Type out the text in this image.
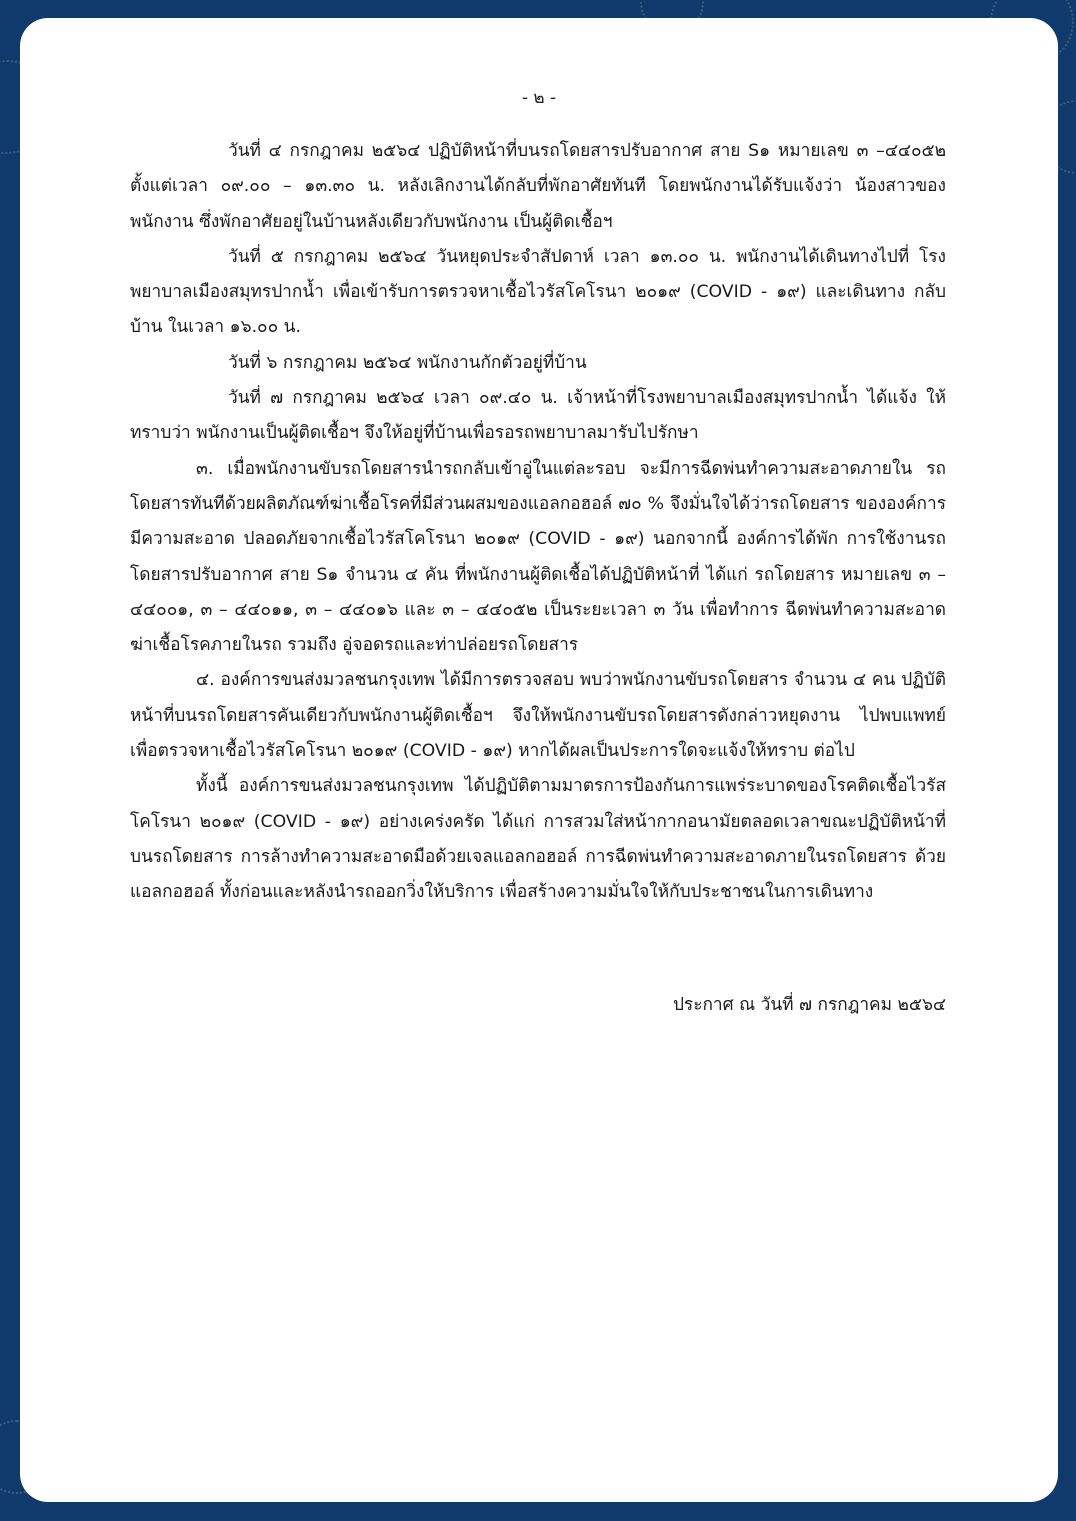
- ๒ -

วันที่ ๔ กรกฎาคม ๒๕๖๔ ปฏิบัติหน้าที่บนรถโดยสารปรับอากาศ สาย S๑ หมายเลข ๓ –๔๔๐๕๒ ตั้งแต่เวลา ๐๙.๐๐ – ๑๓.๓๐ น. หลังเลิกงานได้กลับที่พักอาศัยทันที โดยพนักงานได้รับแจ้งว่า น้องสาวของพนักงาน ซึ่งพักอาศัยอยู่ในบ้านหลังเดียวกับพนักงาน เป็นผู้ติดเชื้อฯ

วันที่ ๕ กรกฎาคม ๒๕๖๔ วันหยุดประจำสัปดาห์ เวลา ๑๓.๐๐ น. พนักงานได้เดินทางไปที่ โรงพยาบาลเมืองสมุทรปากน้ำ เพื่อเข้ารับการตรวจหาเชื้อไวรัสโคโรนา ๒๐๑๙ (COVID - ๑๙) และเดินทาง กลับบ้าน ในเวลา ๑๖.๐๐ น.

วันที่ ๖ กรกฎาคม ๒๕๖๔ พนักงานกักตัวอยู่ที่บ้าน

วันที่ ๗ กรกฎาคม ๒๕๖๔ เวลา ๐๙.๔๐ น. เจ้าหน้าที่โรงพยาบาลเมืองสมุทรปากน้ำ ได้แจ้ง ให้ทราบว่า พนักงานเป็นผู้ติดเชื้อฯ จึงให้อยู่ที่บ้านเพื่อรอรถพยาบาลมารับไปรักษา

๓. เมื่อพนักงานขับรถโดยสารนำรถกลับเข้าอู่ในแต่ละรอบ จะมีการฉีดพ่นทำความสะอาดภายใน รถโดยสารทันทีด้วยผลิตภัณฑ์ฆ่าเชื้อโรคที่มีส่วนผสมของแอลกอฮอล์ ๗๐ % จึงมั่นใจได้ว่ารถโดยสาร ขององค์การมีความสะอาด ปลอดภัยจากเชื้อไวรัสโคโรนา ๒๐๑๙ (COVID - ๑๙) นอกจากนี้ องค์การได้พัก การใช้งานรถโดยสารปรับอากาศ สาย S๑ จำนวน ๔ คัน ที่พนักงานผู้ติดเชื้อได้ปฏิบัติหน้าที่ ได้แก่ รถโดยสาร หมายเลข ๓ – ๔๔๐๐๑, ๓ – ๔๔๐๑๑, ๓ – ๔๔๐๑๖ และ ๓ – ๔๔๐๕๒ เป็นระยะเวลา ๓ วัน เพื่อทำการ ฉีดพ่นทำความสะอาดฆ่าเชื้อโรคภายในรถ รวมถึง อู่จอดรถและท่าปล่อยรถโดยสาร

๔. องค์การขนส่งมวลชนกรุงเทพ ได้มีการตรวจสอบ พบว่าพนักงานขับรถโดยสาร จำนวน ๔ คน ปฏิบัติหน้าที่บนรถโดยสารคันเดียวกับพนักงานผู้ติดเชื้อฯ จึงให้พนักงานขับรถโดยสารดังกล่าวหยุดงาน ไปพบแพทย์ เพื่อตรวจหาเชื้อไวรัสโคโรนา ๒๐๑๙ (COVID - ๑๙) หากได้ผลเป็นประการใดจะแจ้งให้ทราบ ต่อไป

ทั้งนี้ องค์การขนส่งมวลชนกรุงเทพ ได้ปฏิบัติตามมาตรการป้องกันการแพร่ระบาดของโรคติดเชื้อไวรัส โคโรนา ๒๐๑๙ (COVID - ๑๙) อย่างเคร่งครัด ได้แก่ การสวมใส่หน้ากากอนามัยตลอดเวลาขณะปฏิบัติหน้าที่ บนรถโดยสาร การล้างทำความสะอาดมือด้วยเจลแอลกอฮอล์ การฉีดพ่นทำความสะอาดภายในรถโดยสาร ด้วยแอลกอฮอล์ ทั้งก่อนและหลังนำรถออกวิ่งให้บริการ เพื่อสร้างความมั่นใจให้กับประชาชนในการเดินทาง

ประกาศ ณ วันที่ ๗ กรกฎาคม ๒๕๖๔
